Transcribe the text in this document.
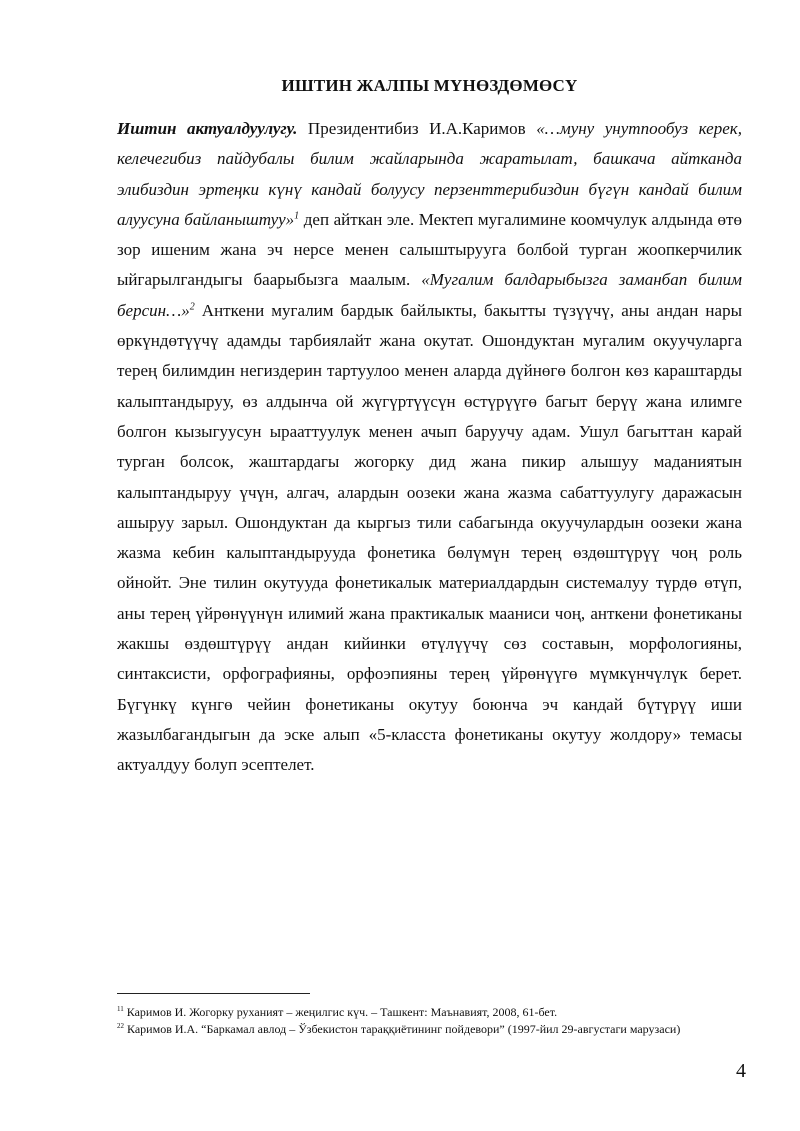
ИШТИН ЖАЛПЫ МҮНӨЗДӨМӨСҮ

Иштин актуалдуулугу. Президентибиз И.А.Каримов «…муну унутпообуз керек, келечегибиз пайдубалы билим жайларында жаратылат, башкача айтканда элибиздин эртеңки күнү кандай болуусу перзенттерибиздин бүгүн кандай билим алуусуна байланыштуу»$^1$ деп айткан эле. Мектеп мугалимине коомчулук алдында өтө зор ишеним жана эч нерсе менен салыштырууга болбой турган жоопкерчилик ыйгарылгандыгы баарыбызга маалым. «Мугалим балдарыбызга заманбап билим берсин…»$^2$ Анткени мугалим бардык байлыкты, бакытты түзүүчү, аны андан нары өркүндөтүүчү адамды тарбиялайт жана окутат. Ошондуктан мугалим окуучуларга терең билимдин негиздерин тартуулоо менен аларда дүйнөгө болгон көз караштарды калыптандыруу, өз алдынча ой жүгүртүүсүн өстүрүүгө багыт берүү жана илимге болгон кызыгуусун ырааттуулук менен ачып баруучу адам. Ушул багыттан карай турган болсок, жаштардагы жогорку дид жана пикир алышуу маданиятын калыптандыруу үчүн, алгач, алардын оозеки жана жазма сабаттуулугу даражасын ашыруу зарыл. Ошондуктан да кыргыз тили сабагында окуучулардын оозеки жана жазма кебин калыптандырууда фонетика бөлүмүн терең өздөштүрүү чоң роль ойнойт. Эне тилин окутууда фонетикалык материалдардын системалуу түрдө өтүп, аны терең үйрөнүүнүн илимий жана практикалык мааниси чоң, анткени фонетиканы жакшы өздөштүрүү андан кийинки өтүлүүчү сөз составын, морфологияны, синтаксисти, орфографияны, орфоэпияны терең үйрөнүүгө мүмкүнчүлүк берет. Бүгүнкү күнгө чейин фонетиканы окутуу боюнча эч кандай бүтүрүү иши жазылбагандыгын да эске алып «5-класста фонетиканы окутуу жолдору» темасы актуалдуу болуп эсептелет.

$^{11}$ Каримов И. Жогорку руханият – жеңилгис күч. – Ташкент: Маънавият, 2008, 61-бет.
$^{22}$ Каримов И.А. “Баркамал авлод – Ўзбекистон тараққиётининг пойдевори” (1997-йил 29-августаги марузаси)
4
